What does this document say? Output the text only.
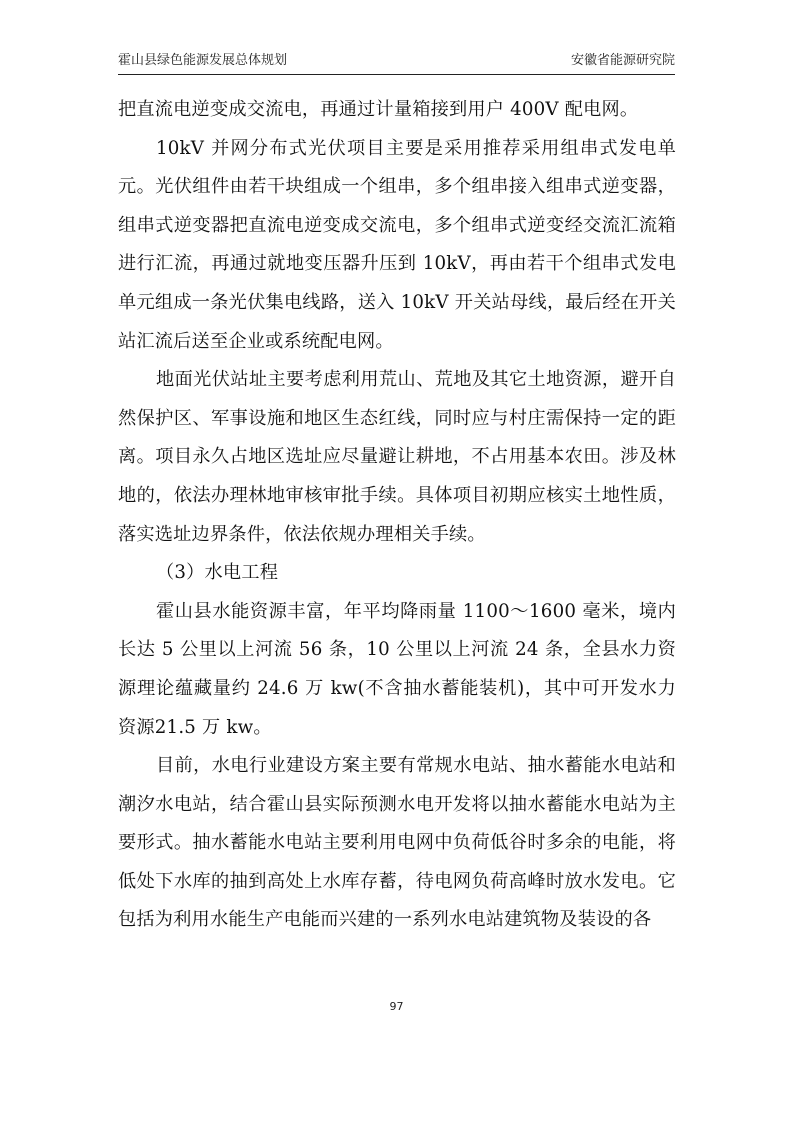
霍山县绿色能源发展总体规划	安徽省能源研究院

把直流电逆变成交流电，再通过计量箱接到用户 400V 配电网。

10kV 并网分布式光伏项目主要是采用推荐采用组串式发电单元。光伏组件由若干块组成一个组串，多个组串接入组串式逆变器，组串式逆变器把直流电逆变成交流电，多个组串式逆变经交流汇流箱进行汇流，再通过就地变压器升压到 10kV，再由若干个组串式发电单元组成一条光伏集电线路，送入 10kV 开关站母线，最后经在开关站汇流后送至企业或系统配电网。

地面光伏站址主要考虑利用荒山、荒地及其它土地资源，避开自然保护区、军事设施和地区生态红线，同时应与村庄需保持一定的距离。项目永久占地区选址应尽量避让耕地，不占用基本农田。涉及林地的，依法办理林地审核审批手续。具体项目初期应核实土地性质，落实选址边界条件，依法依规办理相关手续。

（3）水电工程

霍山县水能资源丰富，年平均降雨量 1100～1600 毫米，境内长达 5 公里以上河流 56 条，10 公里以上河流 24 条，全县水力资源理论蕴藏量约 24.6 万 kw(不含抽水蓄能装机)，其中可开发水力资源21.5 万 kw。

目前，水电行业建设方案主要有常规水电站、抽水蓄能水电站和潮汐水电站，结合霍山县实际预测水电开发将以抽水蓄能水电站为主要形式。抽水蓄能水电站主要利用电网中负荷低谷时多余的电能，将低处下水库的抽到高处上水库存蓄，待电网负荷高峰时放水发电。它包括为利用水能生产电能而兴建的一系列水电站建筑物及装设的各

97
